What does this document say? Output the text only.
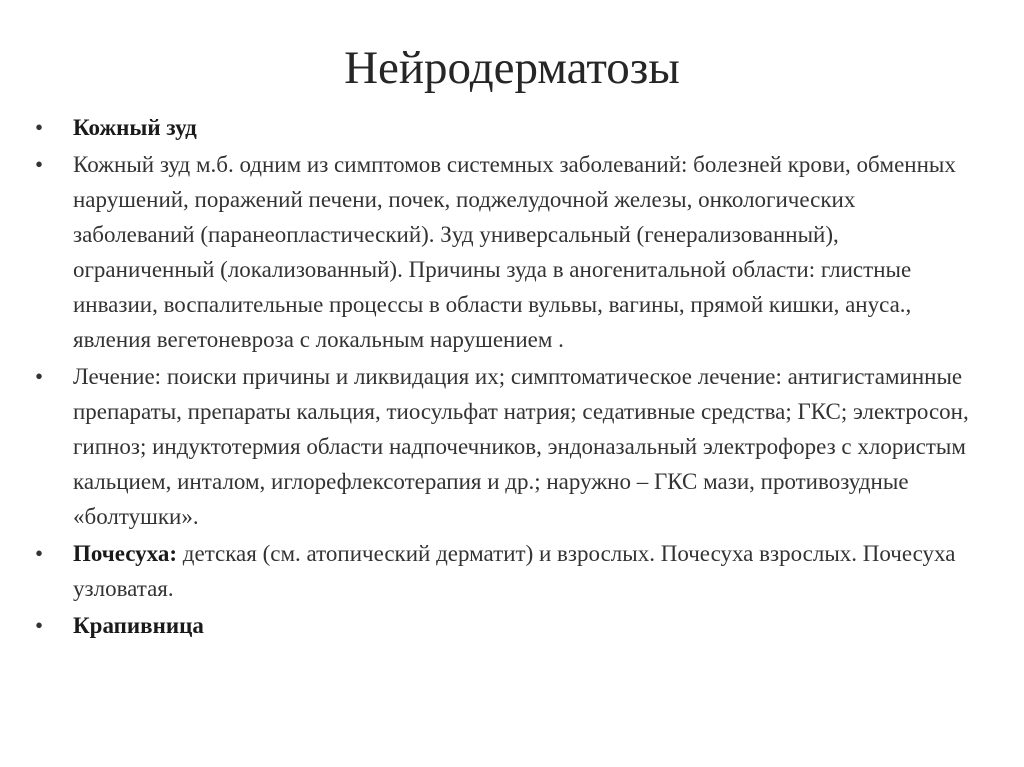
Нейродерматозы
• Кожный зуд
• Кожный зуд м.б. одним из симптомов системных заболеваний: болезней крови, обменных нарушений, поражений печени, почек, поджелудочной железы, онкологических заболеваний (паранеопластический). Зуд универсальный (генерализованный), ограниченный (локализованный). Причины зуда в аногенитальной области: глистные инвазии, воспалительные процессы в области вульвы, вагины, прямой кишки, ануса., явления вегетоневроза с локальным нарушением .
• Лечение: поиски причины и ликвидация их; симптоматическое лечение: антигистаминные препараты, препараты кальция, тиосульфат натрия; седативные средства; ГКС; электросон, гипноз; индуктотермия области надпочечников, эндоназальный электрофорез с хлористым кальцием, инталом, иглорефлексотерапия и др.; наружно – ГКС мази, противозудные «болтушки».
• Почесуха: детская (см. атопический дерматит) и взрослых. Почесуха взрослых. Почесуха узловатая.
• Крапивница
